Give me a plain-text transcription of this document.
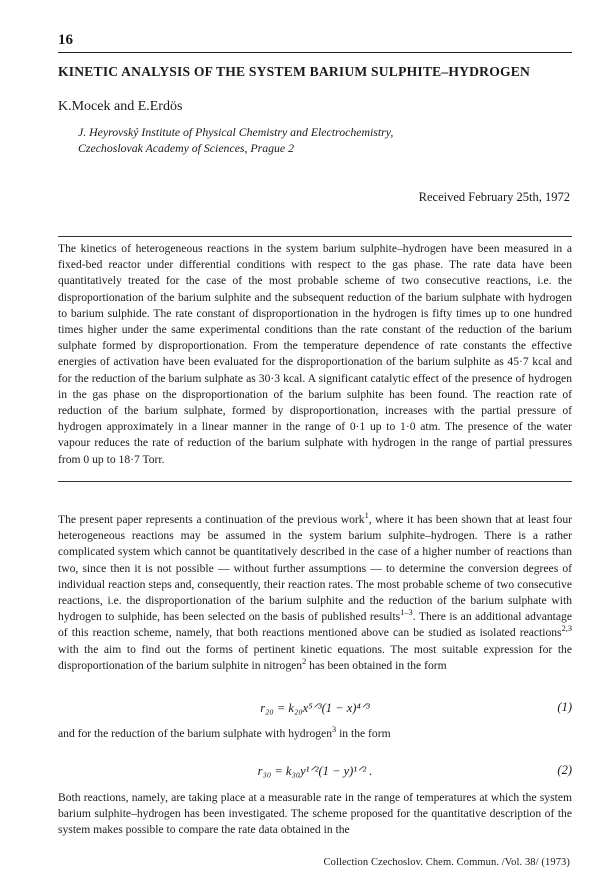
16
KINETIC ANALYSIS OF THE SYSTEM BARIUM SULPHITE–HYDROGEN
K.Mocek and E.Erdös
J. Heyrovský Institute of Physical Chemistry and Electrochemistry,
Czechoslovak Academy of Sciences, Prague 2
Received February 25th, 1972

The kinetics of heterogeneous reactions in the system barium sulphite–hydrogen have been measured in a fixed-bed reactor under differential conditions with respect to the gas phase. The rate data have been quantitatively treated for the case of the most probable scheme of two consecutive reactions, i.e. the disproportionation of the barium sulphite and the subsequent reduction of the barium sulphate with hydrogen to barium sulphide. The rate constant of disproportionation in the hydrogen is fifty times up to one hundred times higher under the same experimental conditions than the rate constant of the reduction of the barium sulphate formed by disproportionation. From the temperature dependence of rate constants the effective energies of activation have been evaluated for the disproportionation of the barium sulphite as 45·7 kcal and for the reduction of the barium sulphate as 30·3 kcal. A significant catalytic effect of the presence of hydrogen in the gas phase on the disproportionation of the barium sulphite has been found. The reaction rate of reduction of the barium sulphate, formed by disproportionation, increases with the partial pressure of hydrogen approximately in a linear manner in the range of 0·1 up to 1·0 atm. The presence of the water vapour reduces the rate of reduction of the barium sulphate with hydrogen in the range of partial pressures from 0 up to 18·7 Torr.

The present paper represents a continuation of the previous work$^1$, where it has been shown that at least four heterogeneous reactions may be assumed in the system barium sulphite–hydrogen. There is a rather complicated system which cannot be quantitatively described in the case of a higher number of reactions than two, since then it is not possible — without further assumptions — to determine the conversion degrees of individual reaction steps and, consequently, their reaction rates. The most probable scheme of two consecutive reactions, i.e. the disproportionation of the barium sulphite and the reduction of the barium sulphate with hydrogen to sulphide, has been selected on the basis of published results$^{1-3}$. There is an additional advantage of this reaction scheme, namely, that both reactions mentioned above can be studied as isolated reactions$^{2,3}$ with the aim to find out the forms of pertinent kinetic equations. The most suitable expression for the disproportionation of the barium sulphite in nitrogen$^2$ has been obtained in the form

r₂₀ = k₂₀x⁵ᐟ³(1 − x)⁴ᐟ³	(1)

and for the reduction of the barium sulphate with hydrogen$^3$ in the form

r₃₀ = k₃₀y¹ᐟ²(1 − y)¹ᐟ² .	(2)

Both reactions, namely, are taking place at a measurable rate in the range of temperatures at which the system barium sulphite–hydrogen has been investigated. The scheme proposed for the quantitative description of the system makes possible to compare the rate data obtained in the

Collection Czechoslov. Chem. Commun. /Vol. 38/ (1973)
